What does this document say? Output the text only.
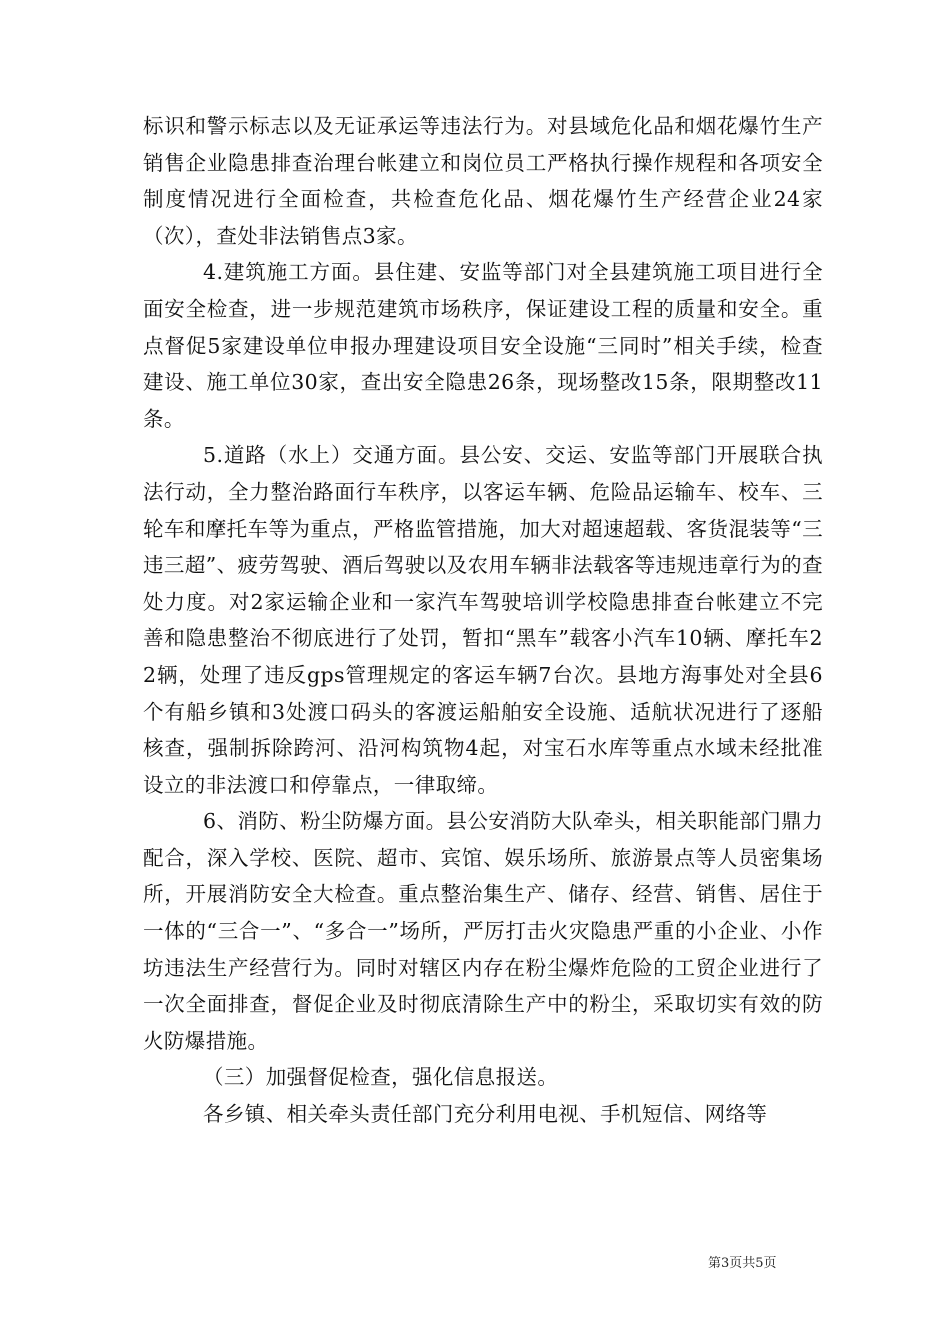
标识和警示标志以及无证承运等违法行为。对县域危化品和烟花爆竹生产销售企业隐患排查治理台帐建立和岗位员工严格执行操作规程和各项安全制度情况进行全面检查，共检查危化品、烟花爆竹生产经营企业24家（次），查处非法销售点3家。

4.建筑施工方面。县住建、安监等部门对全县建筑施工项目进行全面安全检查，进一步规范建筑市场秩序，保证建设工程的质量和安全。重点督促5家建设单位申报办理建设项目安全设施“三同时”相关手续，检查建设、施工单位30家，查出安全隐患26条，现场整改15条，限期整改11条。

5.道路（水上）交通方面。县公安、交运、安监等部门开展联合执法行动，全力整治路面行车秩序，以客运车辆、危险品运输车、校车、三轮车和摩托车等为重点，严格监管措施，加大对超速超载、客货混装等“三违三超”、疲劳驾驶、酒后驾驶以及农用车辆非法载客等违规违章行为的查处力度。对2家运输企业和一家汽车驾驶培训学校隐患排查台帐建立不完善和隐患整治不彻底进行了处罚，暂扣“黑车”载客小汽车10辆、摩托车22辆，处理了违反gps管理规定的客运车辆7台次。县地方海事处对全县6个有船乡镇和3处渡口码头的客渡运船舶安全设施、适航状况进行了逐船核查，强制拆除跨河、沿河构筑物4起，对宝石水库等重点水域未经批准设立的非法渡口和停靠点，一律取缔。

6、消防、粉尘防爆方面。县公安消防大队牵头，相关职能部门鼎力配合，深入学校、医院、超市、宾馆、娱乐场所、旅游景点等人员密集场所，开展消防安全大检查。重点整治集生产、储存、经营、销售、居住于一体的“三合一”、“多合一”场所，严厉打击火灾隐患严重的小企业、小作坊违法生产经营行为。同时对辖区内存在粉尘爆炸危险的工贸企业进行了一次全面排查，督促企业及时彻底清除生产中的粉尘，采取切实有效的防火防爆措施。

（三）加强督促检查，强化信息报送。

各乡镇、相关牵头责任部门充分利用电视、手机短信、网络等

第3页共5页
